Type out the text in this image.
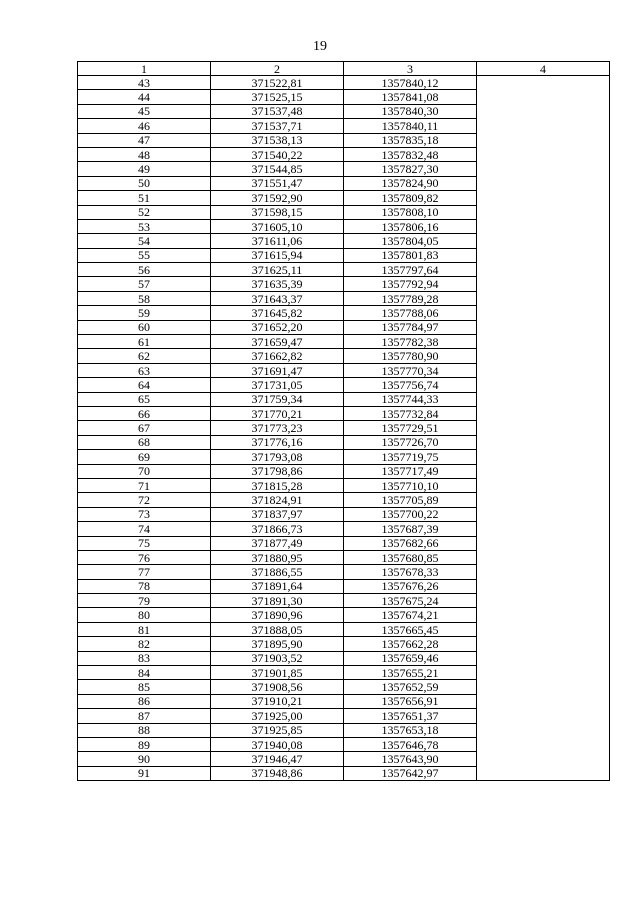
19
1	2	3	4
43	371522,81	1357840,12	
44	371525,15	1357841,08	
45	371537,48	1357840,30	
46	371537,71	1357840,11	
47	371538,13	1357835,18	
48	371540,22	1357832,48	
49	371544,85	1357827,30	
50	371551,47	1357824,90	
51	371592,90	1357809,82	
52	371598,15	1357808,10	
53	371605,10	1357806,16	
54	371611,06	1357804,05	
55	371615,94	1357801,83	
56	371625,11	1357797,64	
57	371635,39	1357792,94	
58	371643,37	1357789,28	
59	371645,82	1357788,06	
60	371652,20	1357784,97	
61	371659,47	1357782,38	
62	371662,82	1357780,90	
63	371691,47	1357770,34	
64	371731,05	1357756,74	
65	371759,34	1357744,33	
66	371770,21	1357732,84	
67	371773,23	1357729,51	
68	371776,16	1357726,70	
69	371793,08	1357719,75	
70	371798,86	1357717,49	
71	371815,28	1357710,10	
72	371824,91	1357705,89	
73	371837,97	1357700,22	
74	371866,73	1357687,39	
75	371877,49	1357682,66	
76	371880,95	1357680,85	
77	371886,55	1357678,33	
78	371891,64	1357676,26	
79	371891,30	1357675,24	
80	371890,96	1357674,21	
81	371888,05	1357665,45	
82	371895,90	1357662,28	
83	371903,52	1357659,46	
84	371901,85	1357655,21	
85	371908,56	1357652,59	
86	371910,21	1357656,91	
87	371925,00	1357651,37	
88	371925,85	1357653,18	
89	371940,08	1357646,78	
90	371946,47	1357643,90	
91	371948,86	1357642,97	
